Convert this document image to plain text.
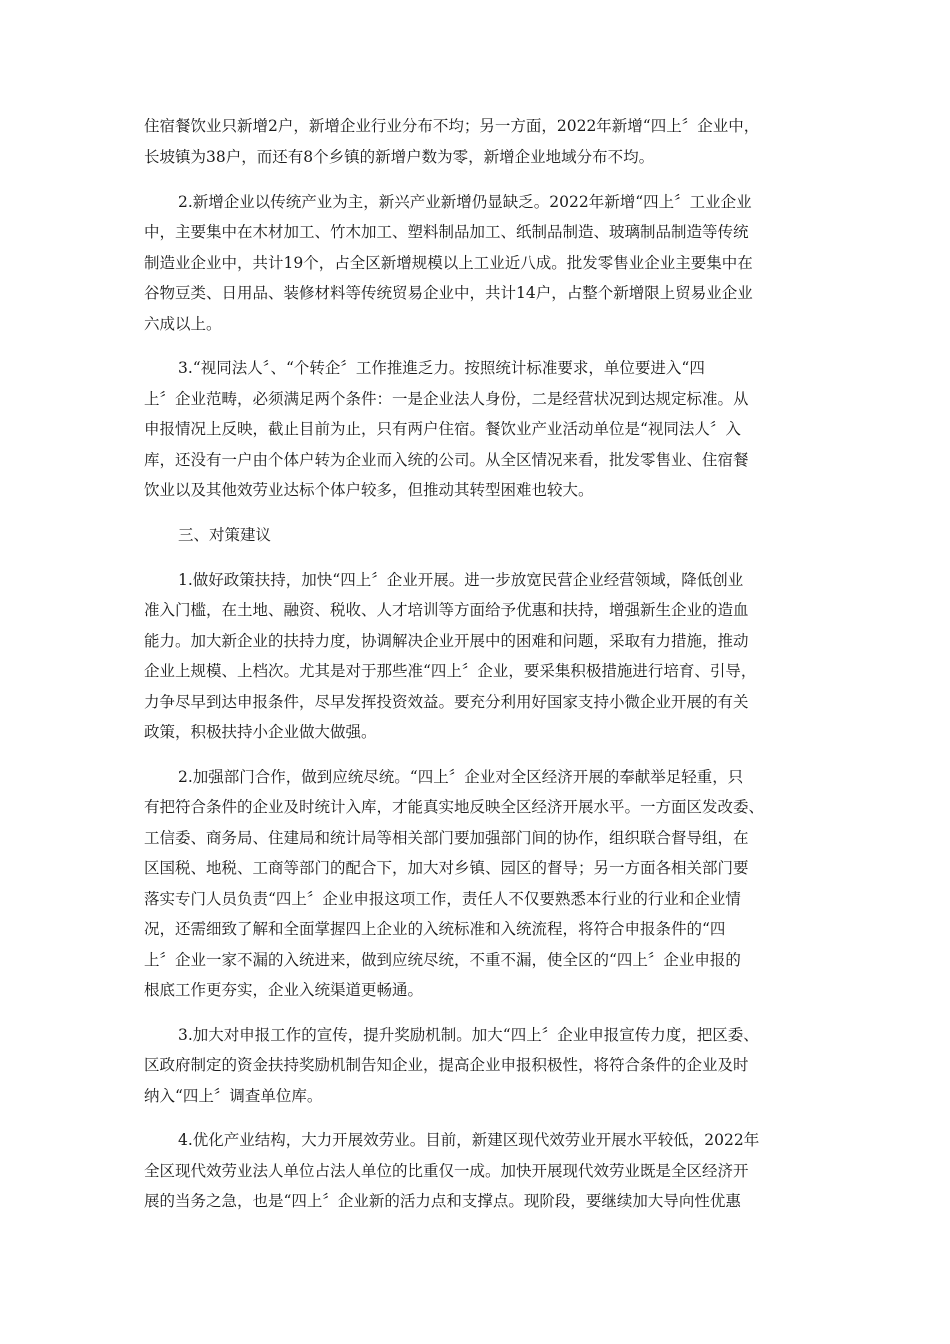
住宿餐饮业只新增2户，新增企业行业分布不均；另一方面，2022年新增“四上〞企业中，

长坡镇为38户，而还有8个乡镇的新增户数为零，新增企业地域分布不均。

2.新增企业以传统产业为主，新兴产业新增仍显缺乏。2022年新增“四上〞工业企业

中，主要集中在木材加工、竹木加工、塑料制品加工、纸制品制造、玻璃制品制造等传统

制造业企业中，共计19个，占全区新增规模以上工业近八成。批发零售业企业主要集中在

谷物豆类、日用品、装修材料等传统贸易企业中，共计14户，占整个新增限上贸易业企业

六成以上。

3.“视同法人〞、“个转企〞工作推進乏力。按照统计标准要求，单位要进入“四

上〞企业范畴，必须满足两个条件：一是企业法人身份，二是经营状况到达规定标准。从

申报情况上反映，截止目前为止，只有两户住宿。餐饮业产业活动单位是“视同法人〞入

库，还没有一户由个体户转为企业而入统的公司。从全区情况来看，批发零售业、住宿餐

饮业以及其他效劳业达标个体户较多，但推动其转型困难也较大。

三、对策建议

1.做好政策扶持，加快“四上〞企业开展。进一步放宽民营企业经营领域，降低创业

准入门槛，在土地、融资、税收、人才培训等方面给予优惠和扶持，增强新生企业的造血

能力。加大新企业的扶持力度，协调解决企业开展中的困难和问题，采取有力措施，推动

企业上规模、上档次。尤其是对于那些准“四上〞企业，要采集积极措施进行培育、引导，

力争尽早到达申报条件，尽早发挥投资效益。要充分利用好国家支持小微企业开展的有关

政策，积极扶持小企业做大做强。

2.加强部门合作，做到应统尽统。“四上〞企业对全区经济开展的奉献举足轻重，只

有把符合条件的企业及时统计入库，才能真实地反映全区经济开展水平。一方面区发改委、

工信委、商务局、住建局和统计局等相关部门要加强部门间的协作，组织联合督导组，在

区国税、地税、工商等部门的配合下，加大对乡镇、园区的督导；另一方面各相关部门要

落实专门人员负责“四上〞企业申报这项工作，责任人不仅要熟悉本行业的行业和企业情

况，还需细致了解和全面掌握四上企业的入统标准和入统流程，将符合申报条件的“四

上〞企业一家不漏的入统进来，做到应统尽统，不重不漏，使全区的“四上〞企业申报的

根底工作更夯实，企业入统渠道更畅通。

3.加大对申报工作的宣传，提升奖励机制。加大“四上〞企业申报宣传力度，把区委、

区政府制定的资金扶持奖励机制告知企业，提高企业申报积极性，将符合条件的企业及时

纳入“四上〞调查单位库。

4.优化产业结构，大力开展效劳业。目前，新建区现代效劳业开展水平较低，2022年

全区现代效劳业法人单位占法人单位的比重仅一成。加快开展现代效劳业既是全区经济开

展的当务之急，也是“四上〞企业新的活力点和支撑点。现阶段，要继续加大导向性优惠
